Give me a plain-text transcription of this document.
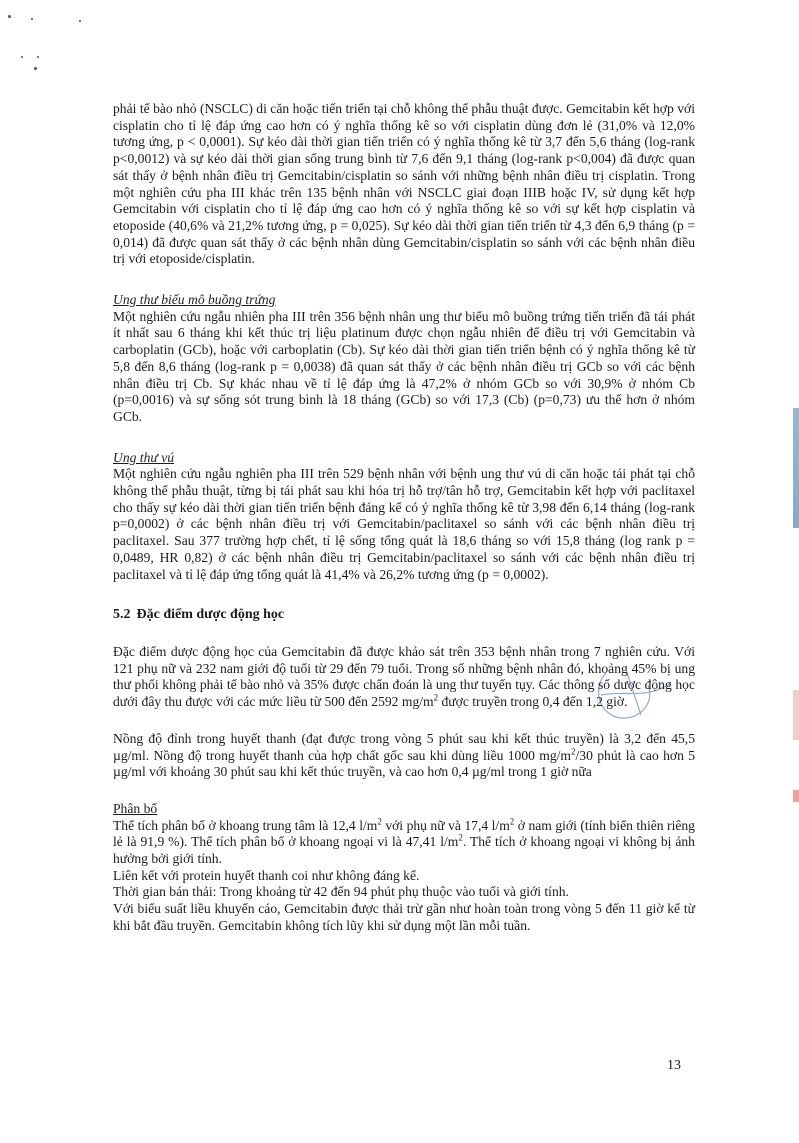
phải tế bào nhỏ (NSCLC) di căn hoặc tiến triển tại chỗ không thể phẫu thuật được. Gemcitabin kết hợp với cisplatin cho tỉ lệ đáp ứng cao hơn có ý nghĩa thống kê so với cisplatin dùng đơn lẻ (31,0% và 12,0% tương ứng, p < 0,0001). Sự kéo dài thời gian tiến triển có ý nghĩa thống kê từ 3,7 đến 5,6 tháng (log-rank p<0,0012) và sự kéo dài thời gian sống trung bình từ 7,6 đến 9,1 tháng (log-rank p<0,004) đã được quan sát thấy ở bệnh nhân điều trị Gemcitabin/cisplatin so sánh với những bệnh nhân điều trị cisplatin. Trong một nghiên cứu pha III khác trên 135 bệnh nhân với NSCLC giai đoạn IIIB hoặc IV, sử dụng kết hợp Gemcitabin với cisplatin cho tỉ lệ đáp ứng cao hơn có ý nghĩa thống kê so với sự kết hợp cisplatin và etoposide (40,6% và 21,2% tương ứng, p = 0,025). Sự kéo dài thời gian tiến triển từ 4,3 đến 6,9 tháng (p = 0,014) đã được quan sát thấy ở các bệnh nhân dùng Gemcitabin/cisplatin so sánh với các bệnh nhân điều trị với etoposide/cisplatin.

Ung thư biểu mô buồng trứng

Một nghiên cứu ngẫu nhiên pha III trên 356 bệnh nhân ung thư biểu mô buồng trứng tiến triển đã tái phát ít nhất sau 6 tháng khi kết thúc trị liệu platinum được chọn ngẫu nhiên để điều trị với Gemcitabin và carboplatin (GCb), hoặc với carboplatin (Cb). Sự kéo dài thời gian tiến triển bệnh có ý nghĩa thống kê từ 5,8 đến 8,6 tháng (log-rank p = 0,0038) đã quan sát thấy ở các bệnh nhân điều trị GCb so với các bệnh nhân điều trị Cb. Sự khác nhau về tỉ lệ đáp ứng là 47,2% ở nhóm GCb so với 30,9% ở nhóm Cb (p=0,0016) và sự sống sót trung bình là 18 tháng (GCb) so với 17,3 (Cb) (p=0,73) ưu thế hơn ở nhóm GCb.

Ung thư vú

Một nghiên cứu ngẫu nghiên pha III trên 529 bệnh nhân với bệnh ung thư vú di căn hoặc tái phát tại chỗ không thể phẫu thuật, từng bị tái phát sau khi hóa trị hỗ trợ/tân hỗ trợ, Gemcitabin kết hợp với paclitaxel cho thấy sự kéo dài thời gian tiến triển bệnh đáng kể có ý nghĩa thống kê từ 3,98 đến 6,14 tháng (log-rank p=0,0002) ở các bệnh nhân điều trị với Gemcitabin/paclitaxel so sánh với các bệnh nhân điều trị paclitaxel. Sau 377 trường hợp chết, tỉ lệ sống tổng quát là 18,6 tháng so với 15,8 tháng (log rank p = 0,0489, HR 0,82) ở các bệnh nhân điều trị Gemcitabin/paclitaxel so sánh với các bệnh nhân điều trị paclitaxel và tỉ lệ đáp ứng tổng quát là 41,4% và 26,2% tương ứng (p = 0,0002).

5.2 Đặc điểm dược động học

Đặc điểm dược động học của Gemcitabin đã được khảo sát trên 353 bệnh nhân trong 7 nghiên cứu. Với 121 phụ nữ và 232 nam giới độ tuổi từ 29 đến 79 tuổi. Trong số những bệnh nhân đó, khoảng 45% bị ung thư phổi không phải tế bào nhỏ và 35% được chẩn đoán là ung thư tuyến tụy. Các thông số dược động học dưới đây thu được với các mức liều từ 500 đến 2592 $mg/m^2$ được truyền trong 0,4 đến 1,2 giờ.

Nồng độ đỉnh trong huyết thanh (đạt được trong vòng 5 phút sau khi kết thúc truyền) là 3,2 đến 45,5 µg/ml. Nồng độ trong huyết thanh của hợp chất gốc sau khi dùng liều 1000 $mg/m^2/30$ phút là cao hơn 5 µg/ml với khoảng 30 phút sau khi kết thúc truyền, và cao hơn 0,4 µg/ml trong 1 giờ nữa

Phân bố

Thể tích phân bố ở khoang trung tâm là 12,4 $l/m^2$ với phụ nữ và 17,4 $l/m^2$ ở nam giới (tính biến thiên riêng lẻ là 91,9 %). Thể tích phân bố ở khoang ngoại vi là 47,41 $l/m^2$. Thể tích ở khoang ngoại vi không bị ảnh hưởng bởi giới tính.

Liên kết với protein huyết thanh coi như không đáng kể.

Thời gian bán thải: Trong khoảng từ 42 đến 94 phút phụ thuộc vào tuổi và giới tính.

Với biểu suất liều khuyến cáo, Gemcitabin được thải trừ gần như hoàn toàn trong vòng 5 đến 11 giờ kể từ khi bắt đầu truyền. Gemcitabin không tích lũy khi sử dụng một lần mỗi tuần.

13
